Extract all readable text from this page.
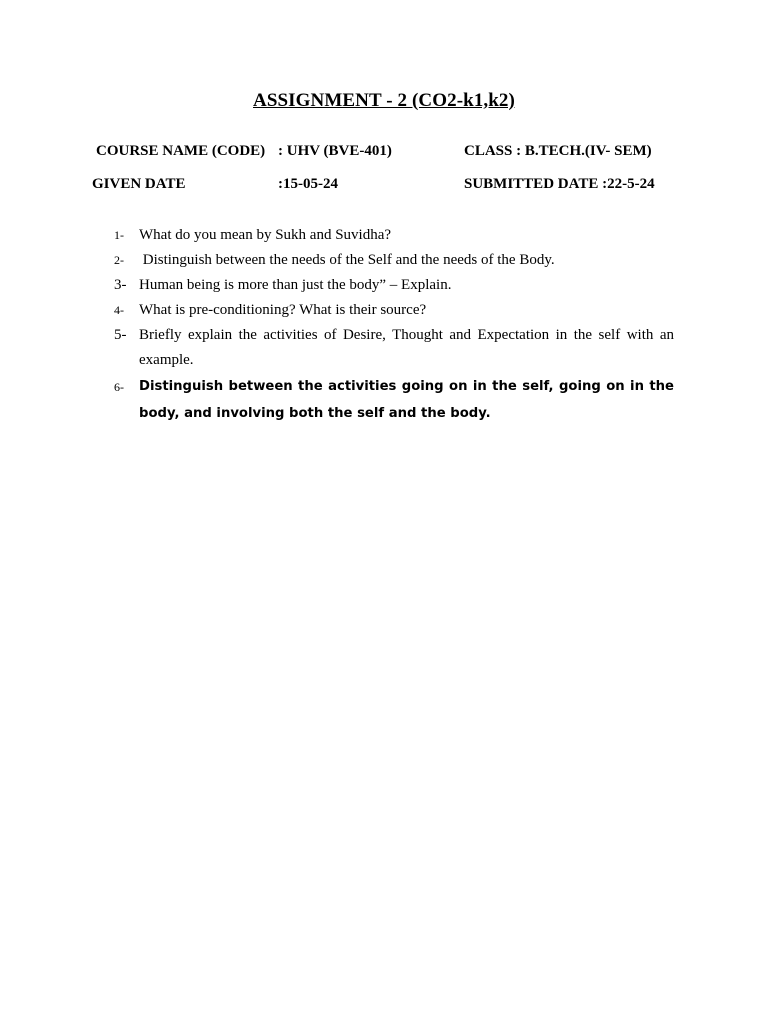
ASSIGNMENT - 2 (CO2-k1,k2)
COURSE NAME (CODE) : UHV (BVE-401)	CLASS : B.TECH.(IV- SEM)
GIVEN DATE	:15-05-24	SUBMITTED DATE :22-5-24
1-	What do you mean by Sukh and Suvidha?
2-	Distinguish between the needs of the Self and the needs of the Body.
3- Human being is more than just the body” – Explain.
4-	What is pre-conditioning? What is their source?
5- Briefly explain the activities of Desire, Thought and Expectation in the self with an example.
6-	Distinguish between the activities going on in the self, going on in the body, and involving both the self and the body.
